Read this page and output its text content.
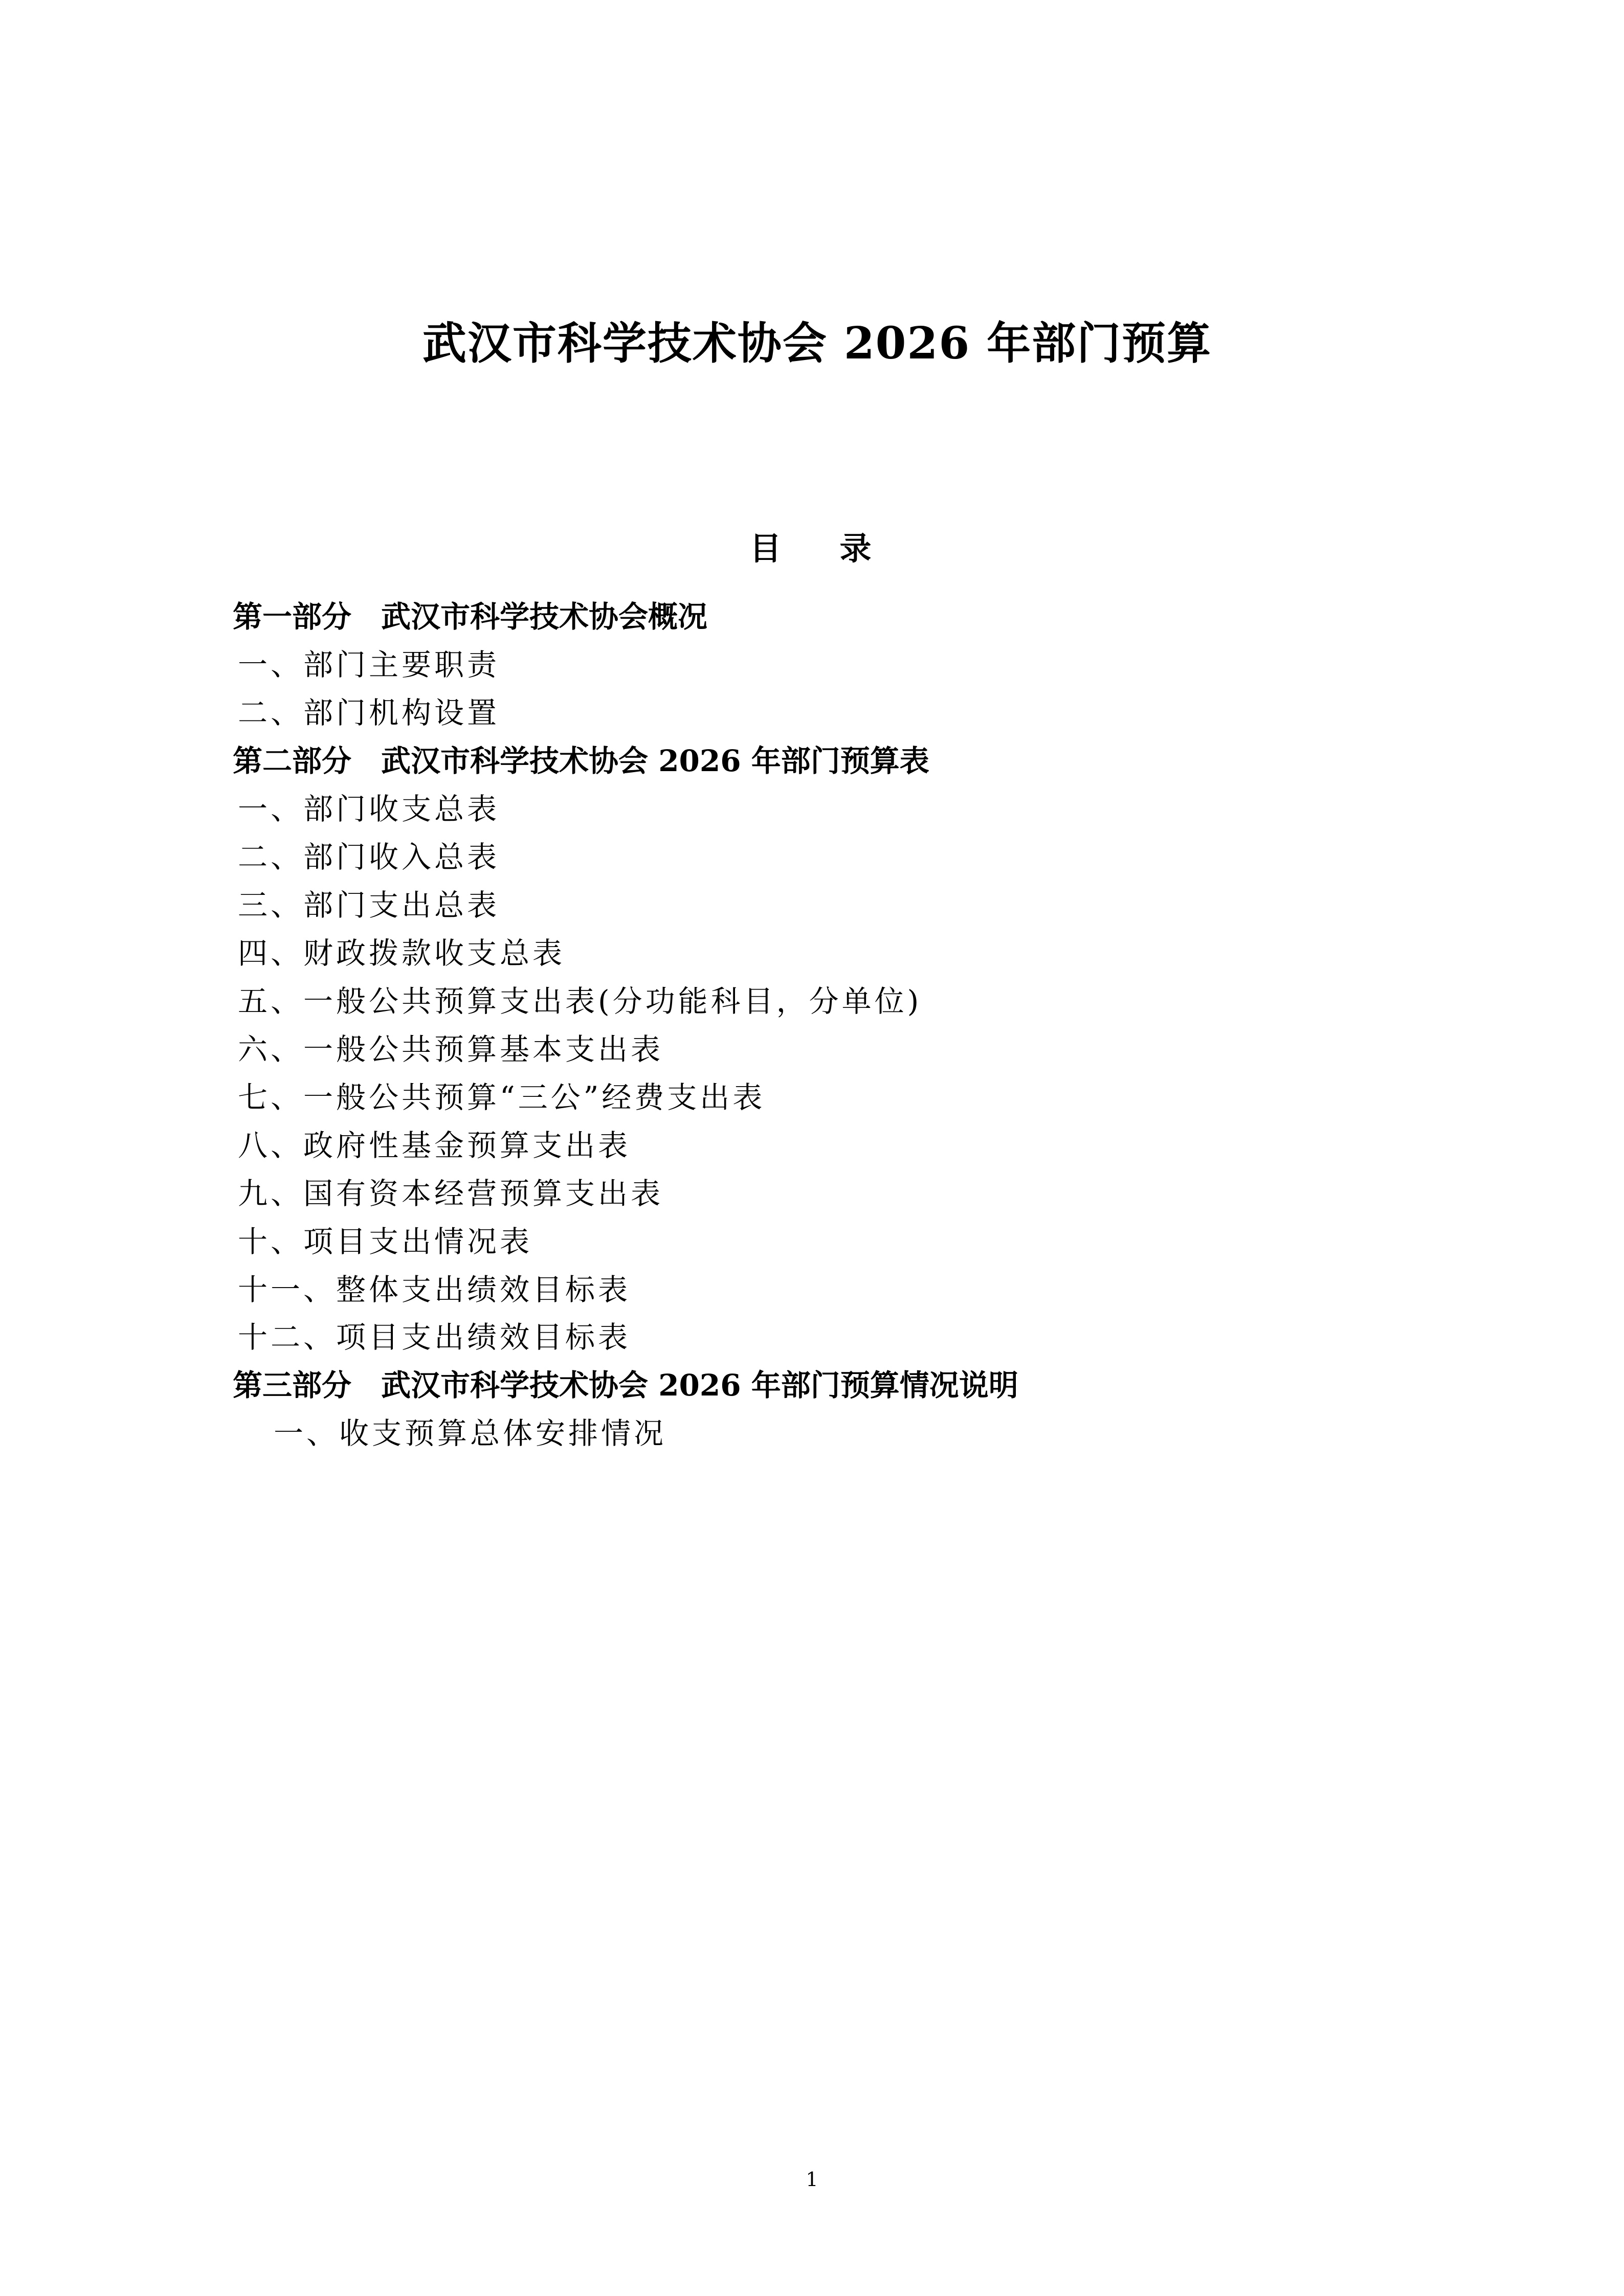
武汉市科学技术协会 2026 年部门预算
目　录
第一部分　武汉市科学技术协会概况
一、部门主要职责
二、部门机构设置
第二部分　武汉市科学技术协会 2026 年部门预算表
一、部门收支总表
二、部门收入总表
三、部门支出总表
四、财政拨款收支总表
五、一般公共预算支出表(分功能科目，分单位)
六、一般公共预算基本支出表
七、一般公共预算“三公”经费支出表
八、政府性基金预算支出表
九、国有资本经营预算支出表
十、项目支出情况表
十一、整体支出绩效目标表
十二、项目支出绩效目标表
第三部分　武汉市科学技术协会 2026 年部门预算情况说明
一、收支预算总体安排情况
1
